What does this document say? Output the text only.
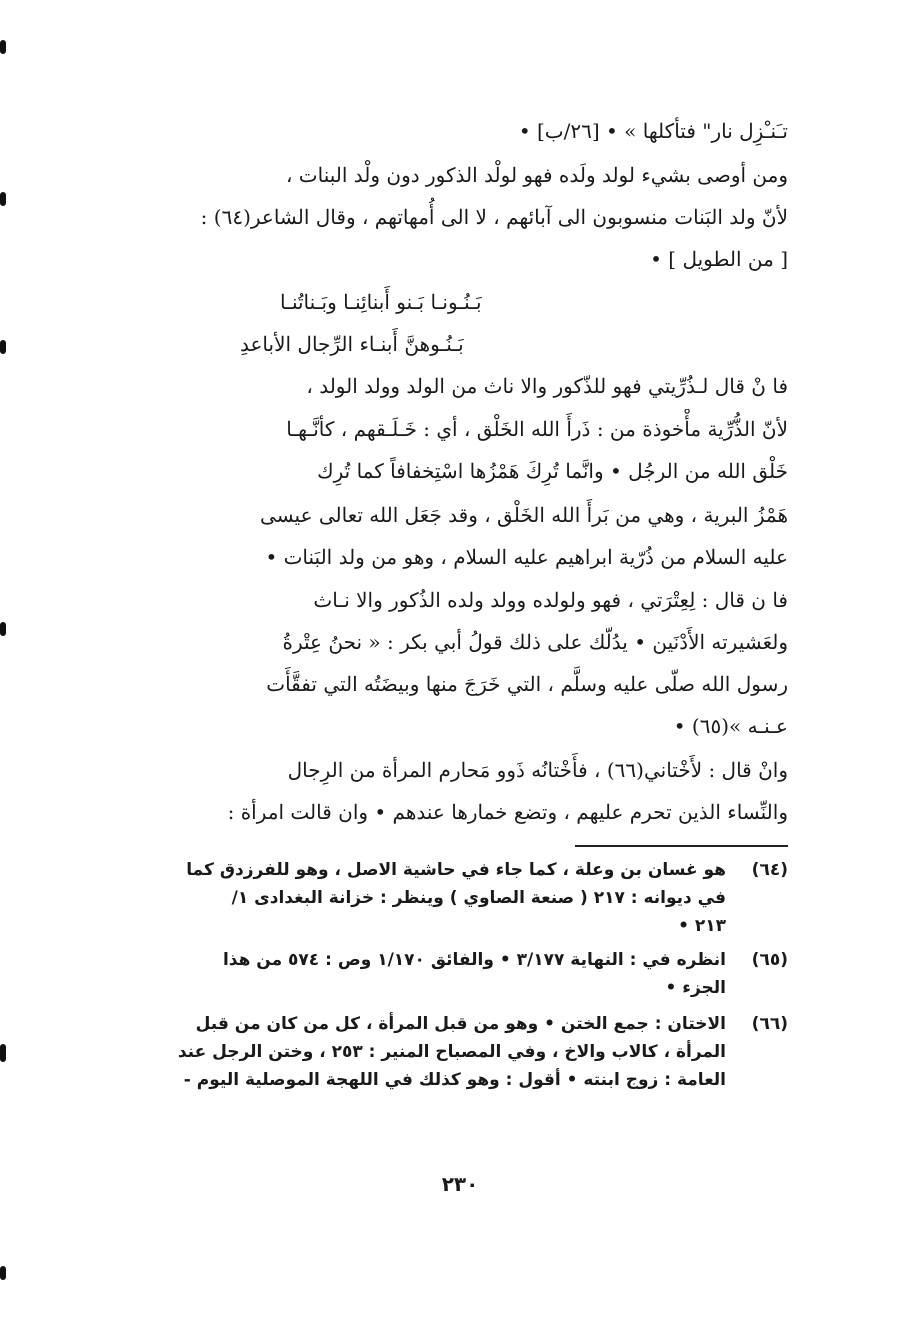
تـَنـْزِل نار" فتأكلها » • [٢٦/ب] •
ومن أوصى بشيء لولد ولَده فهو لولْد الذكور دون ولْد البنات ،
لأنّ ولد البَنات منسوبون الى آبائهم ، لا الى أُمهاتهم ، وقال الشاعر(٦٤) :
[ من الطويل ] •
فا نْ قال لـذُرِّيتي فهو للذّكور والا ناث من الولد وولد الولد ،
لأنّ الذُّرِّية مأْخوذة من : ذَرأَ الله الخَلْق ، أي : خَـلَـقهم ، كأنَّـهـا
خَلْق الله من الرجُل • وانَّما تُرِكَ هَمْزُها اسْتِخفافاً كما تُرِك
هَمْزُ البرية ، وهي من بَرأَ الله الخَلْق ، وقد جَعَل الله تعالى عيسى
عليه السلام من ذُرّية ابراهيم عليه السلام ، وهو من ولد البَنات •
فا ن قال : لِعِتْرَتي ، فهو ولولده وولد ولده الذُكور والا نـاث
ولعَشيرته الأَدْنَين • يدُلّك على ذلك قولُ أبي بكر : « نحنُ عِتْرةُ
رسول الله صلّى عليه وسلَّم ، التي خَرَجَ منها وبيضَتُه التي تفقَّأَت
عـنـه »(٦٥) •
وانْ قال : لأَخْتاني(٦٦) ، فأَخْتانُه ذَوو مَحارم المرأة من الرِجال
والنِّساء الذين تحرم عليهم ، وتضع خمارها عندهم • وان قالت امرأة :
بَـنُـونـا بَـنو أَبنائِنـا وبَـناتُنـا
بَـنُـوهنَّ أَبنـاء الرِّجال الأباعدِ
(٦٤)
هو غسان بن وعلة ، كما جاء في حاشية الاصل ، وهو للفرزدق كما
في ديوانه : ٢١٧ ( صنعة الصاوي ) وينظر : خزانة البغدادى ١/
٢١٣ •
(٦٥)
انظره في : النهاية ٣/١٧٧ • والفائق ١/١٧٠ وص : ٥٧٤ من هذا
الجزء •
(٦٦)
الاختان : جمع الختن • وهو من قبل المرأة ، كل من كان من قبل
المرأة ، كالاب والاخ ، وفي المصباح المنير : ٢٥٣ ، وختن الرجل عند
العامة : زوج ابنته • أقول : وهو كذلك في اللهجة الموصلية اليوم -
٢٣٠
